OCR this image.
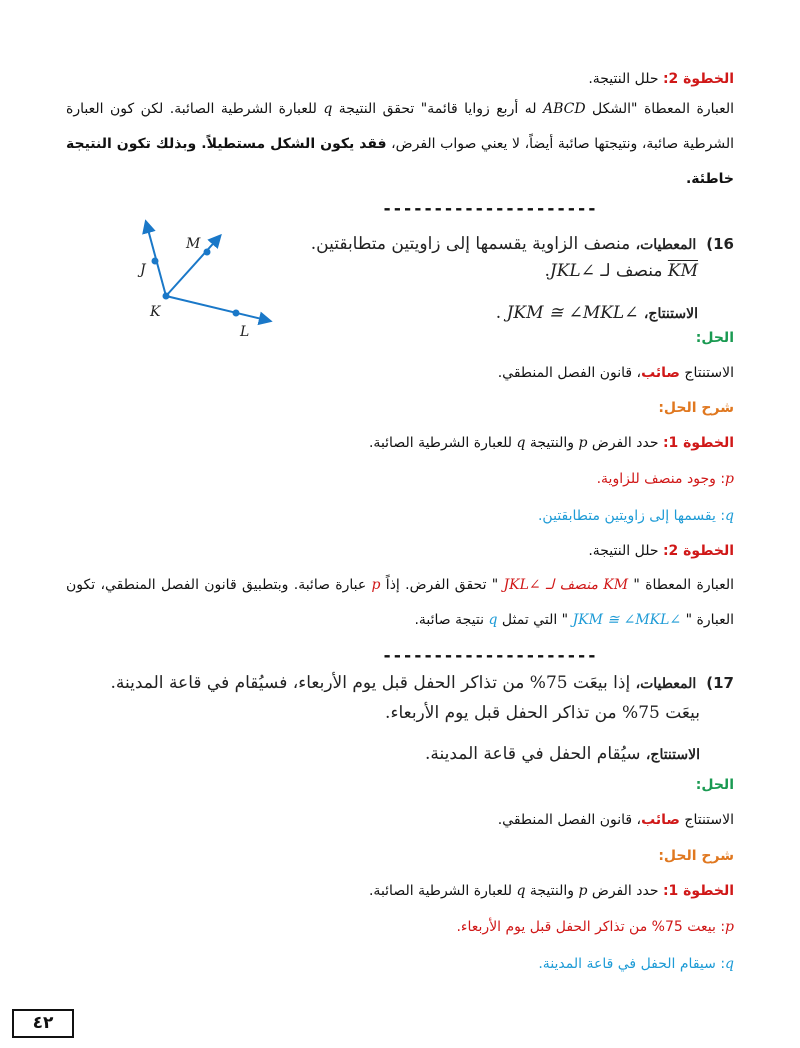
الخطوة 2: حلل النتيجة.
العبارة المعطاة "الشكل ABCD له أربع زوايا قائمة" تحقق النتيجة q للعبارة الشرطية الصائبة. لكن كون العبارة الشرطية صائبة، ونتيجتها صائبة أيضاً، لا يعني صواب الفرض، فقد يكون الشكل مستطيلاً. وبذلك تكون النتيجة خاطئة.
---------------------
J
M
K
L
16)المعطيات، منصف الزاوية يقسمها إلى زاويتين متطابقتين.
KM منصف لـ ∠JKL.
الاستنتاج، ∠JKM ≅ ∠MKL .
الحل:
الاستنتاج صائب، قانون الفصل المنطقي.
شرح الحل:
الخطوة 1: حدد الفرض p والنتيجة q للعبارة الشرطية الصائبة.
p: وجود منصف للزاوية.
q: يقسمها إلى زاويتين متطابقتين.
الخطوة 2: حلل النتيجة.
العبارة المعطاة " KM منصف لـ ∠JKL " تحقق الفرض. إذاً p عبارة صائبة. وبتطبيق قانون الفصل المنطقي، تكون العبارة " ∠JKM ≅ ∠MKL " التي تمثل q نتيجة صائبة.
---------------------
17)المعطيات، إذا بيعَت 75% من تذاكر الحفل قبل يوم الأربعاء، فسيُقام في قاعة المدينة.
بيعَت 75% من تذاكر الحفل قبل يوم الأربعاء.
الاستنتاج، سيُقام الحفل في قاعة المدينة.
الحل:
الاستنتاج صائب، قانون الفصل المنطقي.
شرح الحل:
الخطوة 1: حدد الفرض p والنتيجة q للعبارة الشرطية الصائبة.
p: بيعت 75% من تذاكر الحفل قبل يوم الأربعاء.
q: سيقام الحفل في قاعة المدينة.
٤٢
